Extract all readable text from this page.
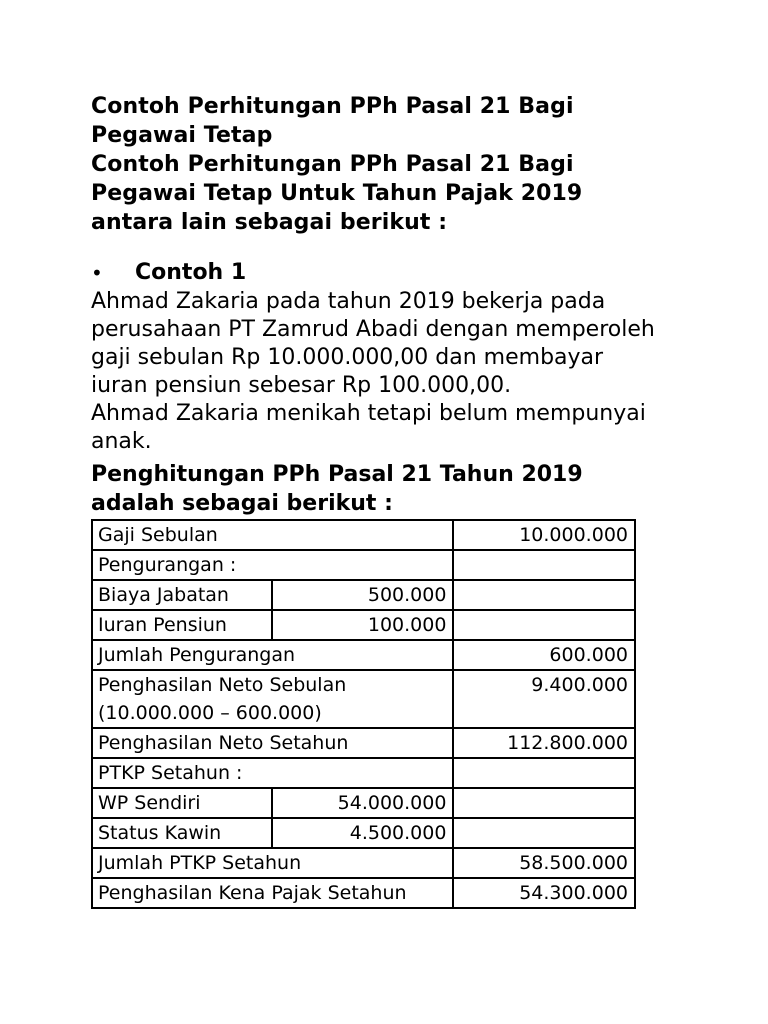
Contoh Perhitungan PPh Pasal 21 Bagi
Pegawai Tetap
Contoh Perhitungan PPh Pasal 21 Bagi
Pegawai Tetap Untuk Tahun Pajak 2019
antara lain sebagai berikut :
• Contoh 1

Ahmad Zakaria pada tahun 2019 bekerja pada
perusahaan PT Zamrud Abadi dengan memperoleh
gaji sebulan Rp 10.000.000,00 dan membayar
iuran pensiun sebesar Rp 100.000,00.
Ahmad Zakaria menikah tetapi belum mempunyai
anak.

Penghitungan PPh Pasal 21 Tahun 2019
adalah sebagai berikut :
Gaji Sebulan		10.000.000
Pengurangan :		
Biaya Jabatan	500.000	
Iuran Pensiun	100.000	
Jumlah Pengurangan		600.000
Penghasilan Neto Sebulan
(10.000.000 – 600.000)		9.400.000
Penghasilan Neto Setahun		112.800.000
PTKP Setahun :		
WP Sendiri	54.000.000	
Status Kawin	4.500.000	
Jumlah PTKP Setahun		58.500.000
Penghasilan Kena Pajak Setahun		54.300.000
